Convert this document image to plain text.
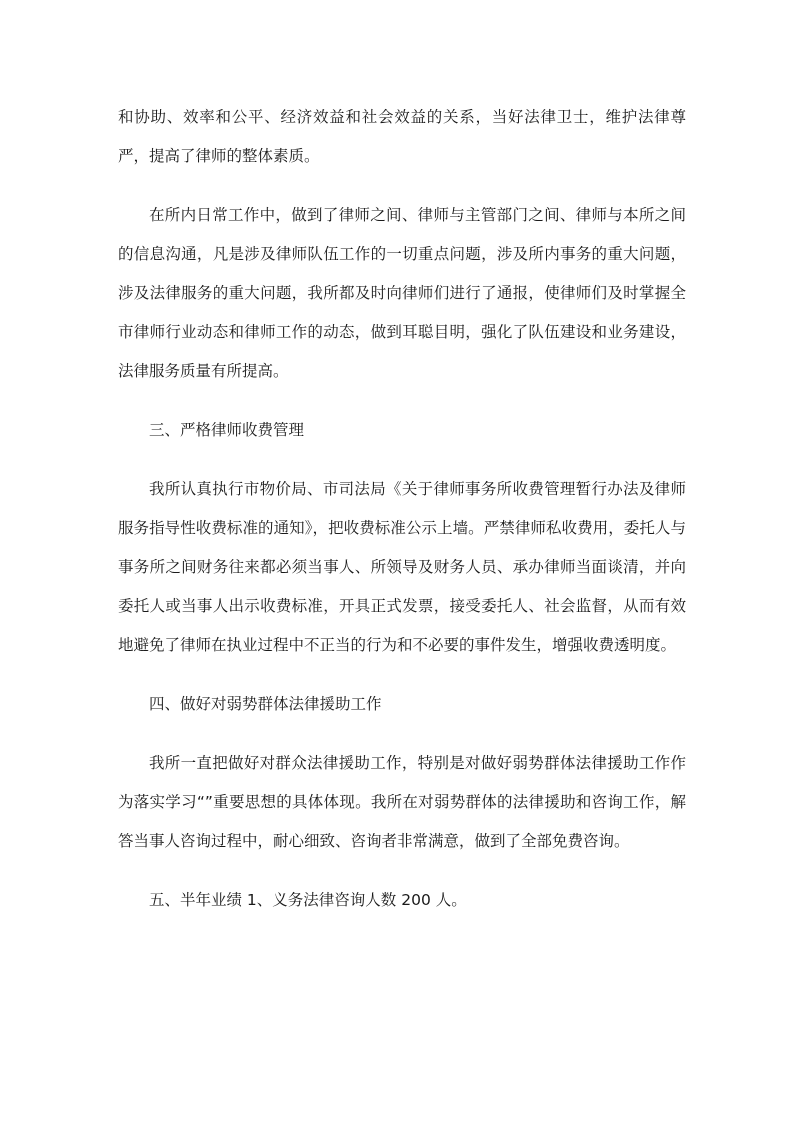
和协助、效率和公平、经济效益和社会效益的关系，当好法律卫士，维护法律尊严，提高了律师的整体素质。

在所内日常工作中，做到了律师之间、律师与主管部门之间、律师与本所之间的信息沟通，凡是涉及律师队伍工作的一切重点问题，涉及所内事务的重大问题，涉及法律服务的重大问题，我所都及时向律师们进行了通报，使律师们及时掌握全市律师行业动态和律师工作的动态，做到耳聪目明，强化了队伍建设和业务建设，法律服务质量有所提高。

三、严格律师收费管理

我所认真执行市物价局、市司法局《关于律师事务所收费管理暂行办法及律师服务指导性收费标准的通知》，把收费标准公示上墙。严禁律师私收费用，委托人与事务所之间财务往来都必须当事人、所领导及财务人员、承办律师当面谈清，并向委托人或当事人出示收费标准，开具正式发票，接受委托人、社会监督，从而有效地避免了律师在执业过程中不正当的行为和不必要的事件发生，增强收费透明度。

四、做好对弱势群体法律援助工作

我所一直把做好对群众法律援助工作，特别是对做好弱势群体法律援助工作作为落实学习“”重要思想的具体体现。我所在对弱势群体的法律援助和咨询工作，解答当事人咨询过程中，耐心细致、咨询者非常满意，做到了全部免费咨询。

五、半年业绩 1、义务法律咨询人数 200 人。
